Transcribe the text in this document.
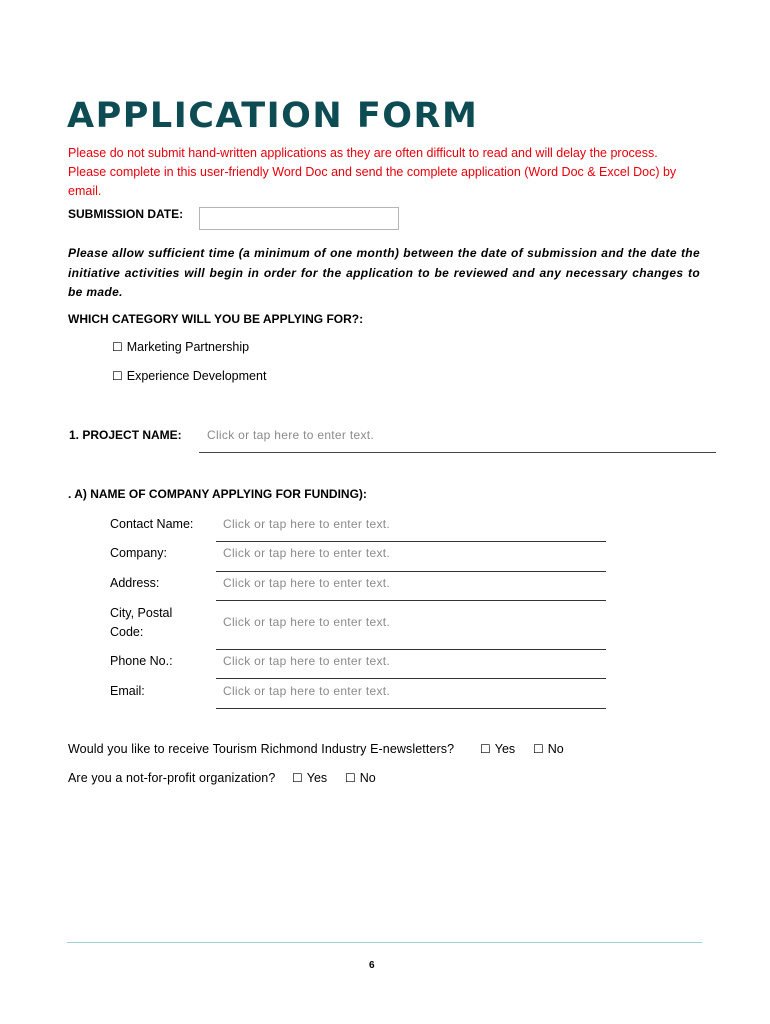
APPLICATION FORM
Please do not submit hand-written applications as they are often difficult to read and will delay the process.
Please complete in this user-friendly Word Doc and send the complete application (Word Doc & Excel Doc) by email.
SUBMISSION DATE:
Please allow sufficient time (a minimum of one month) between the date of submission and the date the initiative activities will begin in order for the application to be reviewed and any necessary changes to be made.
WHICH CATEGORY WILL YOU BE APPLYING FOR?:
☐ Marketing Partnership
☐ Experience Development
1. PROJECT NAME: Click or tap here to enter text.
. A) NAME OF COMPANY APPLYING FOR FUNDING):
Contact Name: Click or tap here to enter text.
Company:	Click or tap here to enter text.
Address:	Click or tap here to enter text.
City, Postal Code:
Click or tap here to enter text.
Phone No.:	Click or tap here to enter text.
Email:	Click or tap here to enter text.
Would you like to receive Tourism Richmond Industry E-newsletters? ☐ Yes ☐ No
Are you a not-for-profit organization? ☐ Yes ☐ No
6
